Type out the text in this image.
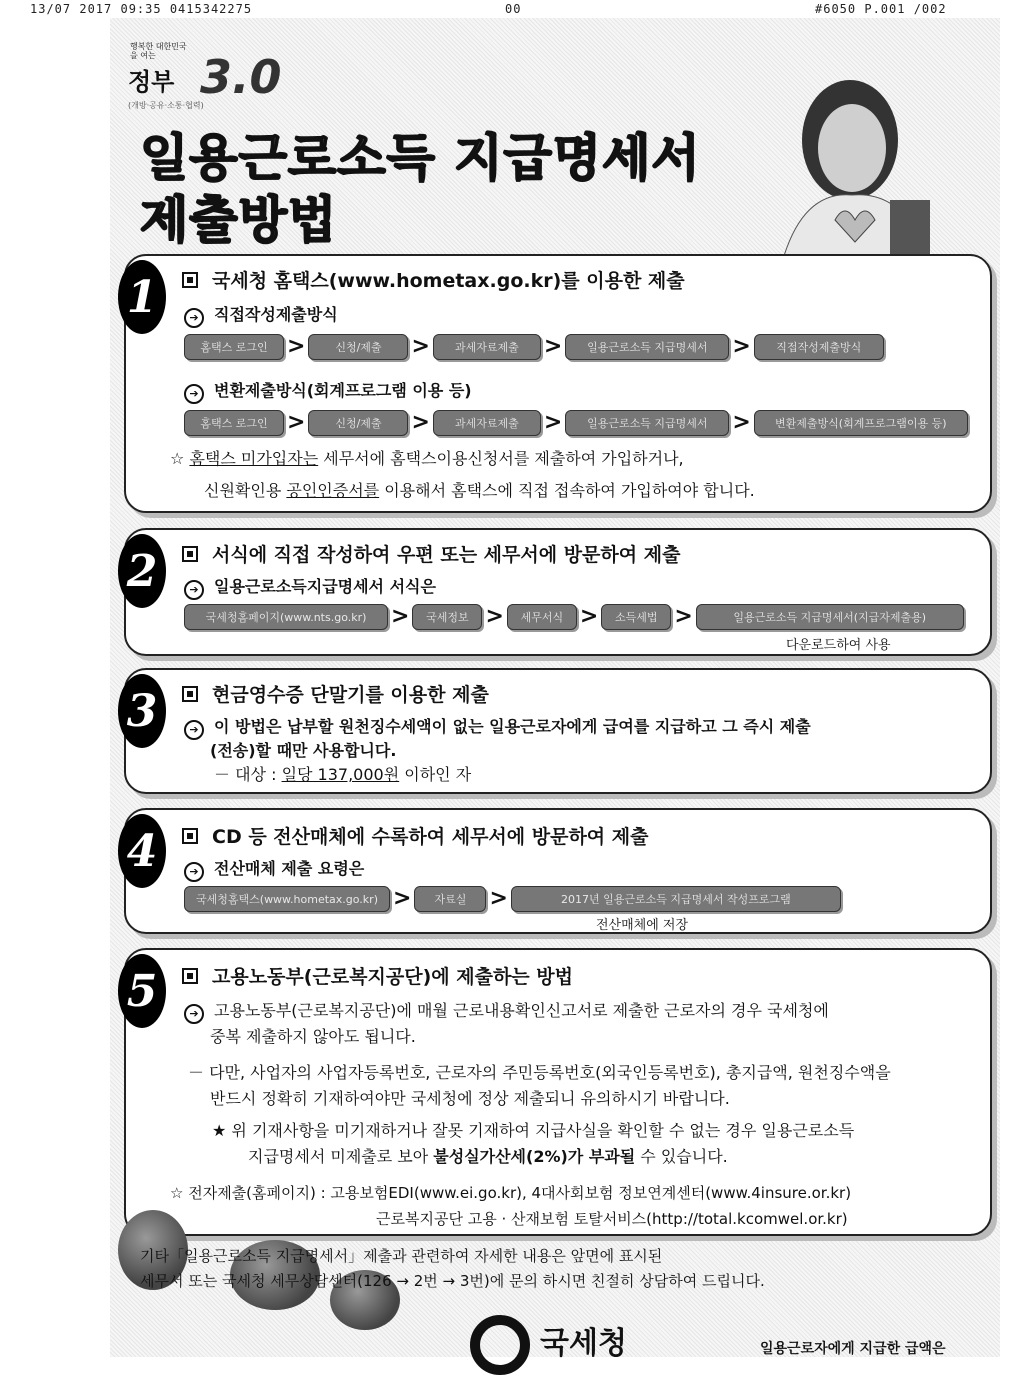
13/07 2017 09:35 0415342275	00	#6050 P.001 /002
행복한 대한민국을 여는
정부 3.0
(개방·공유·소통·협력)
일용근로소득 지급명세서
제출방법
1	국세청 홈택스(www.hometax.go.kr)를 이용한 제출
➔ 직접작성제출방식
홈택스 로그인 >	신청/제출	>	과세자료제출	>	일용근로소득 지급명세서	>	직접작성제출방식
➔ 변환제출방식(회계프로그램 이용 등)
홈택스 로그인 >	신청/제출	>	과세자료제출	>	일용근로소득 지급명세서	>	변환제출방식(회계프로그램이용 등)
☆ 홈택스 미가입자는 세무서에 홈택스이용신청서를 제출하여 가입하거나,
신원확인용 공인인증서를 이용해서 홈택스에 직접 접속하여 가입하여야 합니다.
2	서식에 직접 작성하여 우편 또는 세무서에 방문하여 제출
➔ 일용근로소득지급명세서 서식은
국세청홈페이지(www.nts.go.kr)	>	국세정보 >	세무서식 >	소득세법 >	일용근로소득 지급명세서(지급자제출용)
다운로드하여 사용
3	현금영수증 단말기를 이용한 제출
➔ 이 방법은 납부할 원천징수세액이 없는 일용근로자에게 급여를 지급하고 그 즉시 제출
(전송)할 때만 사용합니다.
－ 대상 : 일당 137,000원 이하인 자
4	CD 등 전산매체에 수록하여 세무서에 방문하여 제출
➔ 전산매체 제출 요령은
국세청홈택스(www.hometax.go.kr) >	자료실	>	2017년 일용근로소득 지급명세서 작성프로그램
전산매체에 저장
5	고용노동부(근로복지공단)에 제출하는 방법
➔ 고용노동부(근로복지공단)에 매월 근로내용확인신고서로 제출한 근로자의 경우 국세청에
중복 제출하지 않아도 됩니다.
－ 다만, 사업자의 사업자등록번호, 근로자의 주민등록번호(외국인등록번호), 총지급액, 원천징수액을
반드시 정확히 기재하여야만 국세청에 정상 제출되니 유의하시기 바랍니다.
★ 위 기재사항을 미기재하거나 잘못 기재하여 지급사실을 확인할 수 없는 경우 일용근로소득
지급명세서 미제출로 보아 불성실가산세(2%)가 부과될 수 있습니다.
☆ 전자제출(홈페이지) : 고용보험EDI(www.ei.go.kr), 4대사회보험 정보연계센터(www.4insure.or.kr)
근로복지공단 고용 · 산재보험 토탈서비스(http://total.kcomwel.or.kr)
기타「일용근로소득 지급명세서」제출과 관련하여 자세한 내용은 앞면에 표시된
세무서 또는 국세청 세무상담센터(126 → 2번 → 3번)에 문의 하시면 친절히 상담하여 드립니다.
국세청	일용근로자에게 지급한 급액은
